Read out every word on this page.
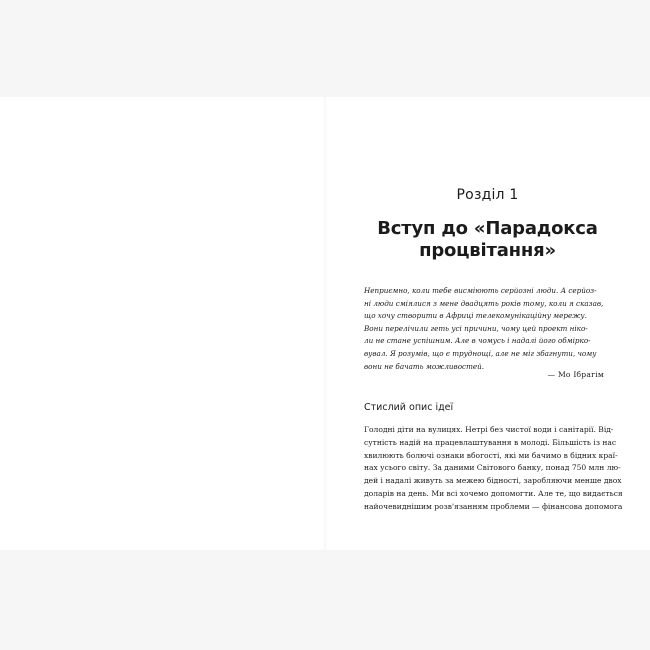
Розділ 1
Вступ до «Парадокса
процвітання»
Неприємно, коли тебе висміюють серйозні люди. А серйоз-
ні люди сміялися з мене двадцять років тому, коли я сказав,
що хочу створити в Африці телекомунікаційну мережу.
Вони перелічили геть усі причини, чому цей проект ніко-
ли не стане успішним. Але в чомусь і надалі його обмірко-
вувал. Я розумів, що є труднощі, але не міг збагнути, чому
вони не бачать можливостей.
— Мо Ібрагім
Стислий опис ідеї
Голодні діти на вулицях. Нетрі без чистої води і санітарії. Від-
сутність надій на працевлаштування в молоді. Більшість із нас
хвилюють болючі ознаки вбогості, які ми бачимо в бідних краї-
нах усього світу. За даними Світового банку, понад 750 млн лю-
дей і надалі живуть за межею бідності, заробляючи менше двох
доларів на день. Ми всі хочемо допомогти. Але те, що видається
найочевиднішим розв'язанням проблеми — фінансова допомога
